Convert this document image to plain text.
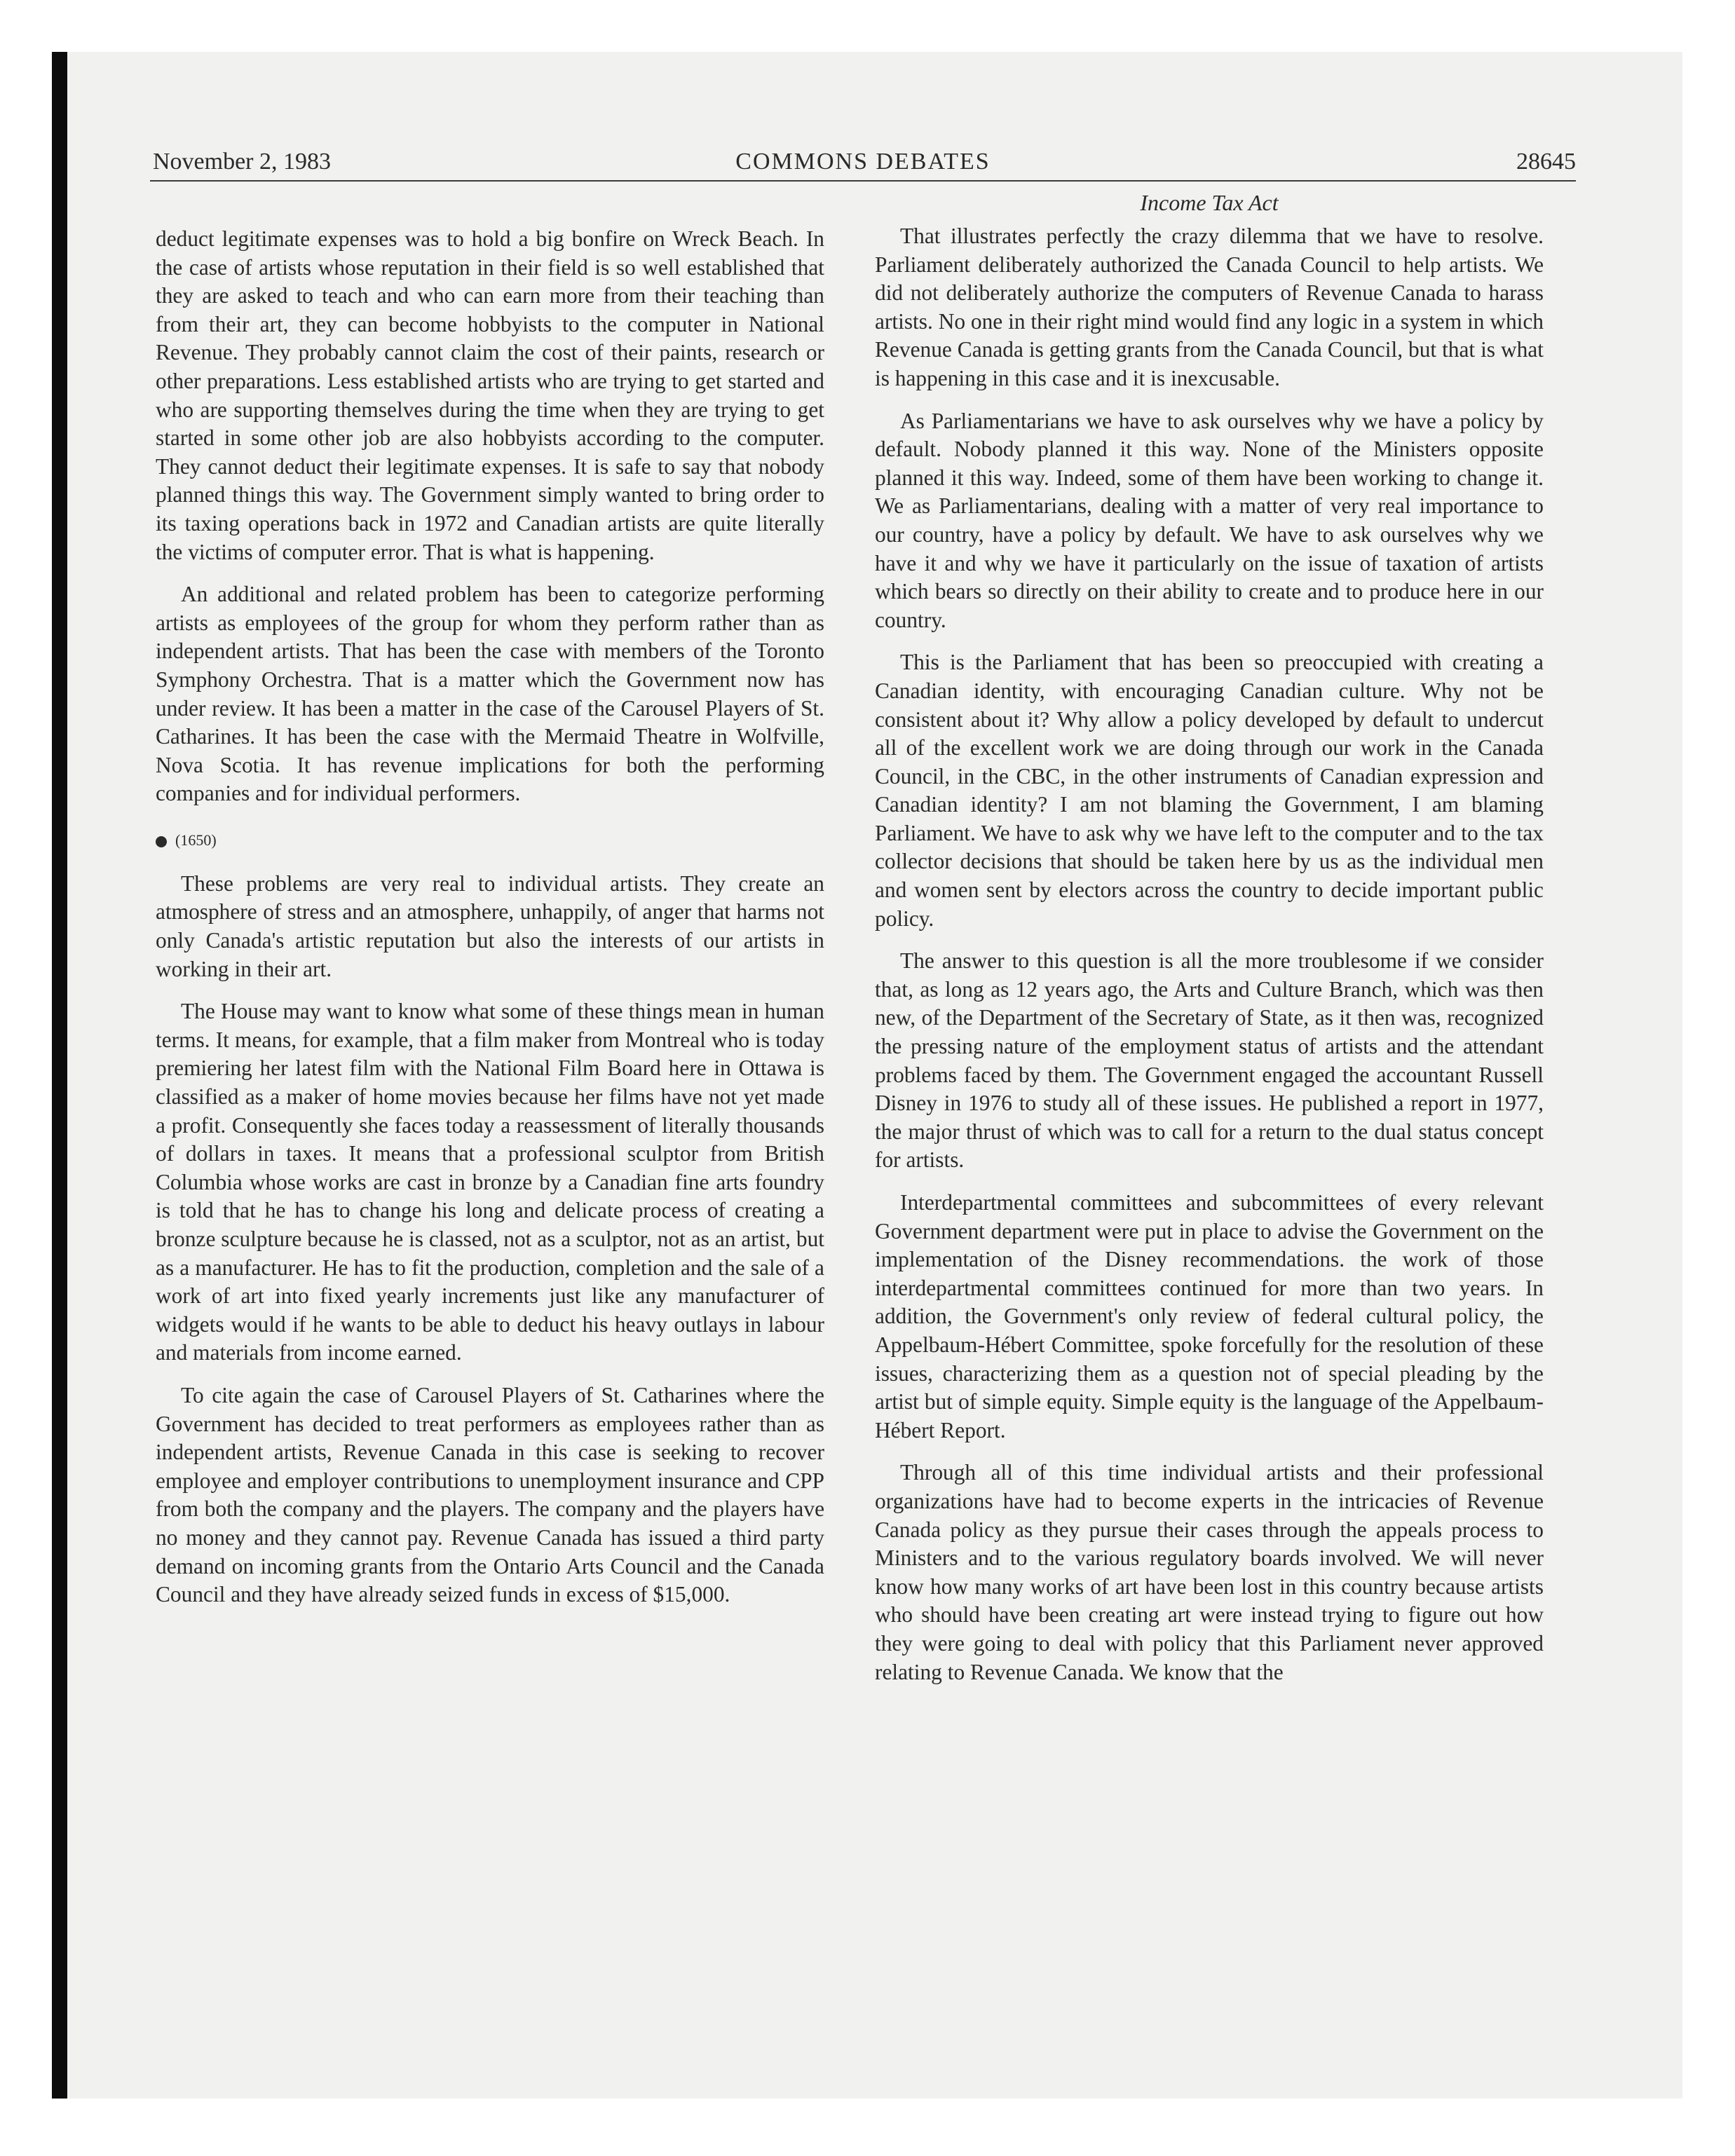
November 2, 1983	COMMONS DEBATES	28645

deduct legitimate expenses was to hold a big bonfire on Wreck Beach. In the case of artists whose reputation in their field is so well established that they are asked to teach and who can earn more from their teaching than from their art, they can become hobbyists to the computer in National Revenue. They probably cannot claim the cost of their paints, research or other preparations. Less established artists who are trying to get started and who are supporting themselves during the time when they are trying to get started in some other job are also hobbyists according to the computer. They cannot deduct their legitimate expenses. It is safe to say that nobody planned things this way. The Government simply wanted to bring order to its taxing operations back in 1972 and Canadian artists are quite literally the victims of computer error. That is what is happening.

An additional and related problem has been to categorize performing artists as employees of the group for whom they perform rather than as independent artists. That has been the case with members of the Toronto Symphony Orchestra. That is a matter which the Government now has under review. It has been a matter in the case of the Carousel Players of St. Catharines. It has been the case with the Mermaid Theatre in Wolfville, Nova Scotia. It has revenue implications for both the performing companies and for individual performers.

(1650)

These problems are very real to individual artists. They create an atmosphere of stress and an atmosphere, unhappily, of anger that harms not only Canada's artistic reputation but also the interests of our artists in working in their art.

The House may want to know what some of these things mean in human terms. It means, for example, that a film maker from Montreal who is today premiering her latest film with the National Film Board here in Ottawa is classified as a maker of home movies because her films have not yet made a profit. Consequently she faces today a reassessment of literally thousands of dollars in taxes. It means that a professional sculptor from British Columbia whose works are cast in bronze by a Canadian fine arts foundry is told that he has to change his long and delicate process of creating a bronze sculpture because he is classed, not as a sculptor, not as an artist, but as a manufacturer. He has to fit the production, completion and the sale of a work of art into fixed yearly increments just like any manufacturer of widgets would if he wants to be able to deduct his heavy outlays in labour and materials from income earned.

To cite again the case of Carousel Players of St. Catharines where the Government has decided to treat performers as employees rather than as independent artists, Revenue Canada in this case is seeking to recover employee and employer contributions to unemployment insurance and CPP from both the company and the players. The company and the players have no money and they cannot pay. Revenue Canada has issued a third party demand on incoming grants from the Ontario Arts Council and the Canada Council and they have already seized funds in excess of $15,000.

Income Tax Act

That illustrates perfectly the crazy dilemma that we have to resolve. Parliament deliberately authorized the Canada Council to help artists. We did not deliberately authorize the computers of Revenue Canada to harass artists. No one in their right mind would find any logic in a system in which Revenue Canada is getting grants from the Canada Council, but that is what is happening in this case and it is inexcusable.

As Parliamentarians we have to ask ourselves why we have a policy by default. Nobody planned it this way. None of the Ministers opposite planned it this way. Indeed, some of them have been working to change it. We as Parliamentarians, dealing with a matter of very real importance to our country, have a policy by default. We have to ask ourselves why we have it and why we have it particularly on the issue of taxation of artists which bears so directly on their ability to create and to produce here in our country.

This is the Parliament that has been so preoccupied with creating a Canadian identity, with encouraging Canadian culture. Why not be consistent about it? Why allow a policy developed by default to undercut all of the excellent work we are doing through our work in the Canada Council, in the CBC, in the other instruments of Canadian expression and Canadian identity? I am not blaming the Government, I am blaming Parliament. We have to ask why we have left to the computer and to the tax collector decisions that should be taken here by us as the individual men and women sent by electors across the country to decide important public policy.

The answer to this question is all the more troublesome if we consider that, as long as 12 years ago, the Arts and Culture Branch, which was then new, of the Department of the Secretary of State, as it then was, recognized the pressing nature of the employment status of artists and the attendant problems faced by them. The Government engaged the accountant Russell Disney in 1976 to study all of these issues. He published a report in 1977, the major thrust of which was to call for a return to the dual status concept for artists.

Interdepartmental committees and subcommittees of every relevant Government department were put in place to advise the Government on the implementation of the Disney recommendations. the work of those interdepartmental committees continued for more than two years. In addition, the Government's only review of federal cultural policy, the Appelbaum-Hébert Committee, spoke forcefully for the resolution of these issues, characterizing them as a question not of special pleading by the artist but of simple equity. Simple equity is the language of the Appelbaum-Hébert Report.

Through all of this time individual artists and their professional organizations have had to become experts in the intricacies of Revenue Canada policy as they pursue their cases through the appeals process to Ministers and to the various regulatory boards involved. We will never know how many works of art have been lost in this country because artists who should have been creating art were instead trying to figure out how they were going to deal with policy that this Parliament never approved relating to Revenue Canada. We know that the
